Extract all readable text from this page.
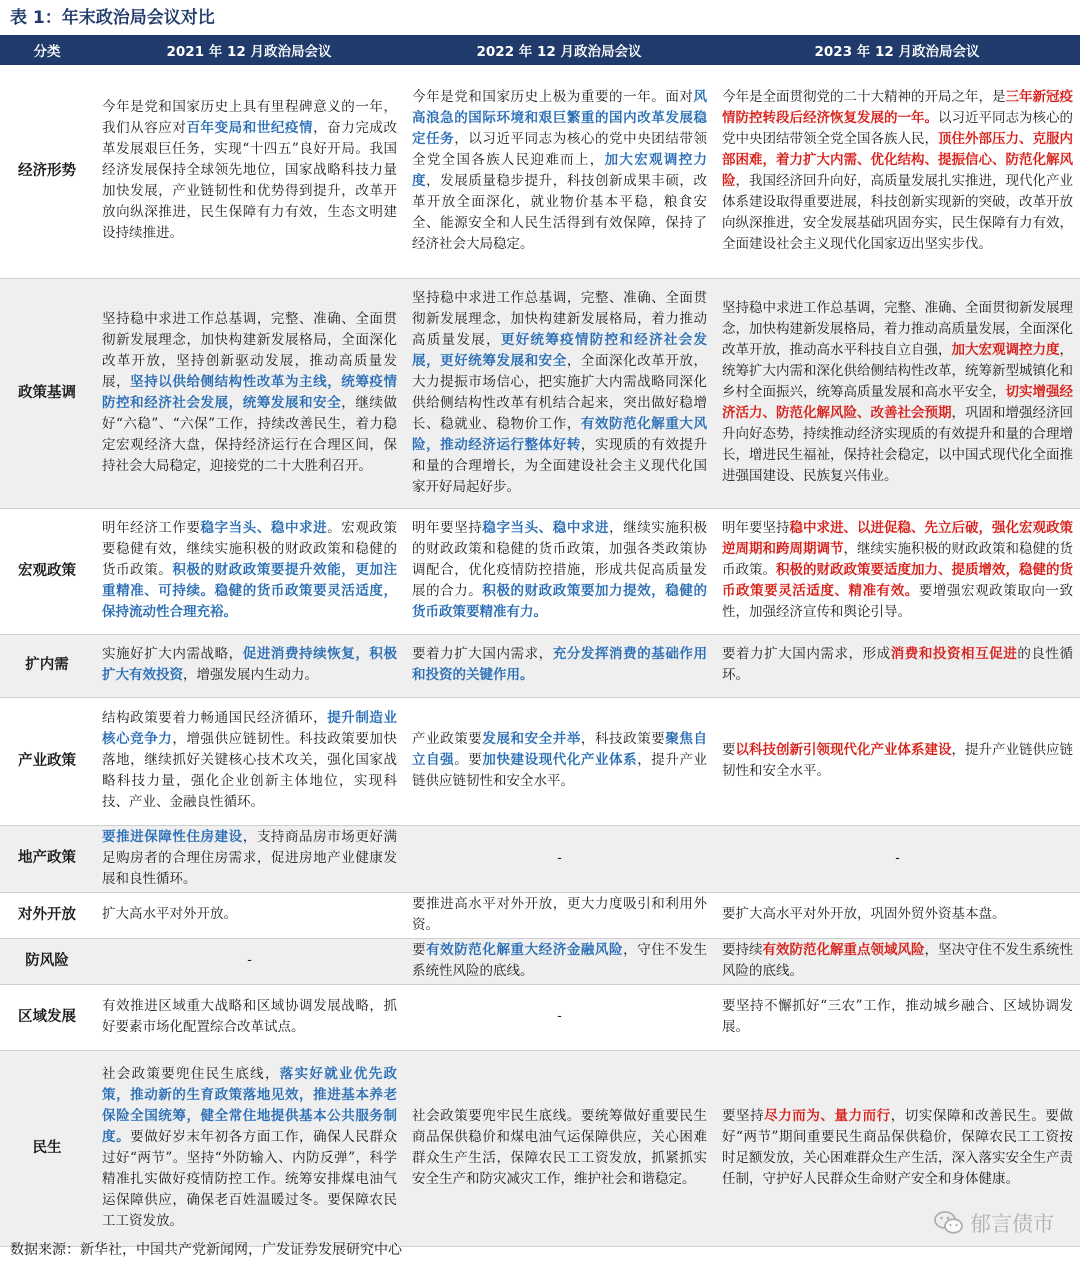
表 1：年末政治局会议对比
分类	2021 年 12 月政治局会议	2022 年 12 月政治局会议	2023 年 12 月政治局会议
经济形势	今年是党和国家历史上具有里程碑意义的一年，我们从容应对百年变局和世纪疫情，奋力完成改革发展艰巨任务，实现“十四五”良好开局。我国经济发展保持全球领先地位，国家战略科技力量加快发展，产业链韧性和优势得到提升，改革开放向纵深推进，民生保障有力有效，生态文明建设持续推进。	今年是党和国家历史上极为重要的一年。面对风高浪急的国际环境和艰巨繁重的国内改革发展稳定任务，以习近平同志为核心的党中央团结带领全党全国各族人民迎难而上，加大宏观调控力度，发展质量稳步提升，科技创新成果丰硕，改革开放全面深化，就业物价基本平稳，粮食安全、能源安全和人民生活得到有效保障，保持了经济社会大局稳定。	今年是全面贯彻党的二十大精神的开局之年，是三年新冠疫情防控转段后经济恢复发展的一年。以习近平同志为核心的党中央团结带领全党全国各族人民，顶住外部压力、克服内部困难，着力扩大内需、优化结构、提振信心、防范化解风险，我国经济回升向好，高质量发展扎实推进，现代化产业体系建设取得重要进展，科技创新实现新的突破，改革开放向纵深推进，安全发展基础巩固夯实，民生保障有力有效，全面建设社会主义现代化国家迈出坚实步伐。
政策基调	坚持稳中求进工作总基调，完整、准确、全面贯彻新发展理念，加快构建新发展格局，全面深化改革开放，坚持创新驱动发展，推动高质量发展，坚持以供给侧结构性改革为主线，统筹疫情防控和经济社会发展，统筹发展和安全，继续做好“六稳”、“六保”工作，持续改善民生，着力稳定宏观经济大盘，保持经济运行在合理区间，保持社会大局稳定，迎接党的二十大胜利召开。	坚持稳中求进工作总基调，完整、准确、全面贯彻新发展理念，加快构建新发展格局，着力推动高质量发展，更好统筹疫情防控和经济社会发展，更好统筹发展和安全，全面深化改革开放，大力提振市场信心，把实施扩大内需战略同深化供给侧结构性改革有机结合起来，突出做好稳增长、稳就业、稳物价工作，有效防范化解重大风险，推动经济运行整体好转，实现质的有效提升和量的合理增长，为全面建设社会主义现代化国家开好局起好步。	坚持稳中求进工作总基调，完整、准确、全面贯彻新发展理念，加快构建新发展格局，着力推动高质量发展，全面深化改革开放，推动高水平科技自立自强，加大宏观调控力度，统筹扩大内需和深化供给侧结构性改革，统筹新型城镇化和乡村全面振兴，统筹高质量发展和高水平安全，切实增强经济活力、防范化解风险、改善社会预期，巩固和增强经济回升向好态势，持续推动经济实现质的有效提升和量的合理增长，增进民生福祉，保持社会稳定，以中国式现代化全面推进强国建设、民族复兴伟业。
宏观政策	明年经济工作要稳字当头、稳中求进。宏观政策要稳健有效，继续实施积极的财政政策和稳健的货币政策。积极的财政政策要提升效能，更加注重精准、可持续。稳健的货币政策要灵活适度，保持流动性合理充裕。	明年要坚持稳字当头、稳中求进，继续实施积极的财政政策和稳健的货币政策，加强各类政策协调配合，优化疫情防控措施，形成共促高质量发展的合力。积极的财政政策要加力提效，稳健的货币政策要精准有力。	明年要坚持稳中求进、以进促稳、先立后破，强化宏观政策逆周期和跨周期调节，继续实施积极的财政政策和稳健的货币政策。积极的财政政策要适度加力、提质增效，稳健的货币政策要灵活适度、精准有效。要增强宏观政策取向一致性，加强经济宣传和舆论引导。
扩内需	实施好扩大内需战略，促进消费持续恢复，积极扩大有效投资，增强发展内生动力。	要着力扩大国内需求，充分发挥消费的基础作用和投资的关键作用。	要着力扩大国内需求，形成消费和投资相互促进的良性循环。
产业政策	结构政策要着力畅通国民经济循环，提升制造业核心竞争力，增强供应链韧性。科技政策要加快落地，继续抓好关键核心技术攻关，强化国家战略科技力量，强化企业创新主体地位，实现科技、产业、金融良性循环。	产业政策要发展和安全并举，科技政策要聚焦自立自强。要加快建设现代化产业体系，提升产业链供应链韧性和安全水平。	要以科技创新引领现代化产业体系建设，提升产业链供应链韧性和安全水平。
地产政策	要推进保障性住房建设，支持商品房市场更好满足购房者的合理住房需求，促进房地产业健康发展和良性循环。	-	-
对外开放	扩大高水平对外开放。	要推进高水平对外开放，更大力度吸引和利用外资。	要扩大高水平对外开放，巩固外贸外资基本盘。
防风险	-	要有效防范化解重大经济金融风险，守住不发生系统性风险的底线。	要持续有效防范化解重点领域风险，坚决守住不发生系统性风险的底线。
区域发展	有效推进区域重大战略和区域协调发展战略，抓好要素市场化配置综合改革试点。	-	要坚持不懈抓好“三农”工作，推动城乡融合、区域协调发展。
民生	社会政策要兜住民生底线，落实好就业优先政策，推动新的生育政策落地见效，推进基本养老保险全国统筹，健全常住地提供基本公共服务制度。要做好岁末年初各方面工作，确保人民群众过好“两节”。坚持“外防输入、内防反弹”，科学精准扎实做好疫情防控工作。统筹安排煤电油气运保障供应，确保老百姓温暖过冬。要保障农民工工资发放。	社会政策要兜牢民生底线。要统筹做好重要民生商品保供稳价和煤电油气运保障供应，关心困难群众生产生活，保障农民工工资发放，抓紧抓实安全生产和防灾减灾工作，维护社会和谐稳定。	要坚持尽力而为、量力而行，切实保障和改善民生。要做好“两节”期间重要民生商品保供稳价，保障农民工工资按时足额发放，关心困难群众生产生活，深入落实安全生产责任制，守护好人民群众生命财产安全和身体健康。
数据来源：新华社，中国共产党新闻网，广发证券发展研究中心
郁言债市
